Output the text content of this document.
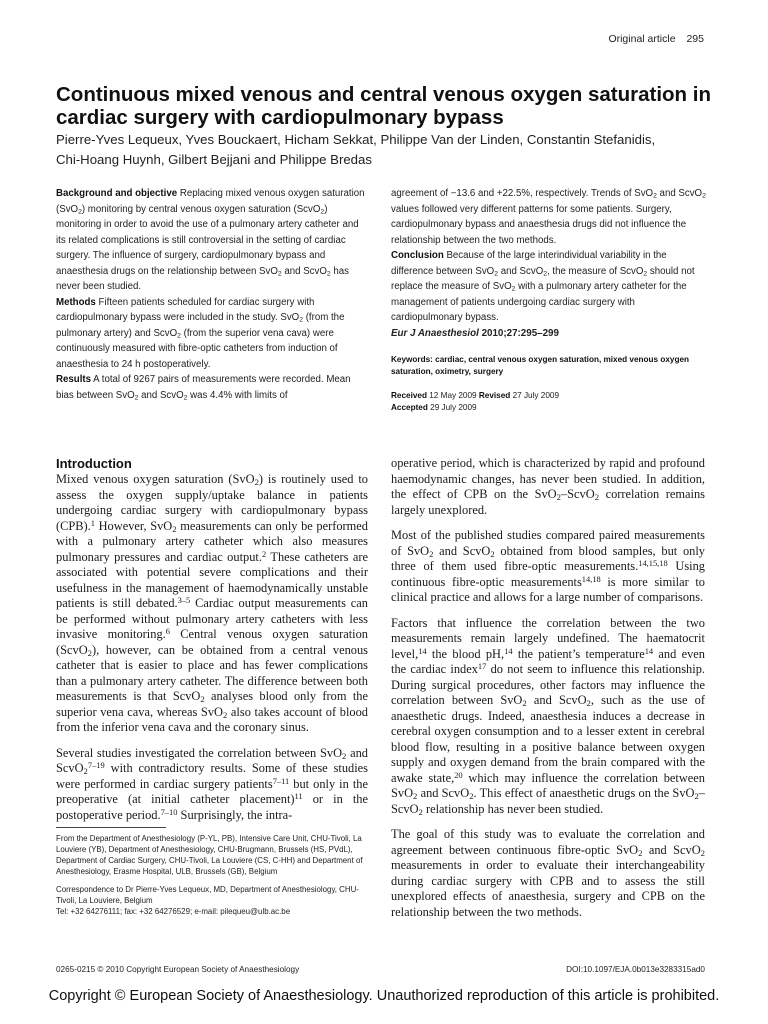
Original article 295
Continuous mixed venous and central venous oxygen saturation in cardiac surgery with cardiopulmonary bypass
Pierre-Yves Lequeux, Yves Bouckaert, Hicham Sekkat, Philippe Van der Linden, Constantin Stefanidis,
Chi-Hoang Huynh, Gilbert Bejjani and Philippe Bredas

Background and objective Replacing mixed venous oxygen saturation (SvO$_2$) monitoring by central venous oxygen saturation (ScvO$_2$) monitoring in order to avoid the use of a pulmonary artery catheter and its related complications is still controversial in the setting of cardiac surgery. The influence of surgery, cardiopulmonary bypass and anaesthesia drugs on the relationship between SvO$_2$ and ScvO$_2$ has never been studied.

Methods Fifteen patients scheduled for cardiac surgery with cardiopulmonary bypass were included in the study. SvO$_2$ (from the pulmonary artery) and ScvO$_2$ (from the superior vena cava) were continuously measured with fibre-optic catheters from induction of anaesthesia to 24 h postoperatively.

Results A total of 9267 pairs of measurements were recorded. Mean bias between SvO$_2$ and ScvO$_2$ was 4.4% with limits of

agreement of −13.6 and +22.5%, respectively. Trends of SvO$_2$ and ScvO$_2$ values followed very different patterns for some patients. Surgery, cardiopulmonary bypass and anaesthesia drugs did not influence the relationship between the two methods.

Conclusion Because of the large interindividual variability in the difference between SvO$_2$ and ScvO$_2$, the measure of ScvO$_2$ should not replace the measure of SvO$_2$ with a pulmonary artery catheter for the management of patients undergoing cardiac surgery with cardiopulmonary bypass.

Eur J Anaesthesiol 2010;27:295–299

Keywords: cardiac, central venous oxygen saturation, mixed venous oxygen saturation, oximetry, surgery

Received 12 May 2009 Revised 27 July 2009
Accepted 29 July 2009

Introduction

Mixed venous oxygen saturation (SvO$_2$) is routinely used to assess the oxygen supply/uptake balance in patients undergoing cardiac surgery with cardiopulmonary bypass (CPB).$^1$ However, SvO$_2$ measurements can only be performed with a pulmonary artery catheter which also measures pulmonary pressures and cardiac output.$^2$ These catheters are associated with potential severe complications and their usefulness in the management of haemodynamically unstable patients is still debated.$^{3-5}$ Cardiac output measurements can be performed without pulmonary artery catheters with less invasive monitoring.$^6$ Central venous oxygen saturation (ScvO$_2$), however, can be obtained from a central venous catheter that is easier to place and has fewer complications than a pulmonary artery catheter. The difference between both measurements is that ScvO$_2$ analyses blood only from the superior vena cava, whereas SvO$_2$ also takes account of blood from the inferior vena cava and the coronary sinus.

Several studies investigated the correlation between SvO$_2$ and ScvO$_2^{7-19}$ with contradictory results. Some of these studies were performed in cardiac surgery patients$^{7-11}$ but only in the preoperative (at initial catheter placement)$^{11}$ or in the postoperative period.$^{7-10}$ Surprisingly, the intra-

operative period, which is characterized by rapid and profound haemodynamic changes, has never been studied. In addition, the effect of CPB on the SvO$_2$–ScvO$_2$ correlation remains largely unexplored.

Most of the published studies compared paired measurements of SvO$_2$ and ScvO$_2$ obtained from blood samples, but only three of them used fibre-optic measurements.$^{14,15,18}$ Using continuous fibre-optic measurements$^{14,18}$ is more similar to clinical practice and allows for a large number of comparisons.

Factors that influence the correlation between the two measurements remain largely undefined. The haematocrit level,$^{14}$ the blood pH,$^{14}$ the patient’s temperature$^{14}$ and even the cardiac index$^{17}$ do not seem to influence this relationship. During surgical procedures, other factors may influence the correlation between SvO$_2$ and ScvO$_2$, such as the use of anaesthetic drugs. Indeed, anaesthesia induces a decrease in cerebral oxygen consumption and to a lesser extent in cerebral blood flow, resulting in a positive balance between oxygen supply and oxygen demand from the brain compared with the awake state,$^{20}$ which may influence the correlation between SvO$_2$ and ScvO$_2$. This effect of anaesthetic drugs on the SvO$_2$–ScvO$_2$ relationship has never been studied.

The goal of this study was to evaluate the correlation and agreement between continuous fibre-optic SvO$_2$ and ScvO$_2$ measurements in order to evaluate their interchangeability during cardiac surgery with CPB and to assess the still unexplored effects of anaesthesia, surgery and CPB on the relationship between the two methods.

From the Department of Anesthesiology (P-YL, PB), Intensive Care Unit, CHU-Tivoli, La Louviere (YB), Department of Anesthesiology, CHU-Brugmann, Brussels (HS, PVdL), Department of Cardiac Surgery, CHU-Tivoli, La Louviere (CS, C-HH) and Department of Anesthesiology, Erasme Hospital, ULB, Brussels (GB), Belgium

Correspondence to Dr Pierre-Yves Lequeux, MD, Department of Anesthesiology, CHU-Tivoli, La Louviere, Belgium
Tel: +32 64276111; fax: +32 64276529; e-mail: pilequeu@ulb.ac.be

0265-0215 © 2010 Copyright European Society of Anaesthesiology	DOI:10.1097/EJA.0b013e3283315ad0
Copyright © European Society of Anaesthesiology. Unauthorized reproduction of this article is prohibited.
